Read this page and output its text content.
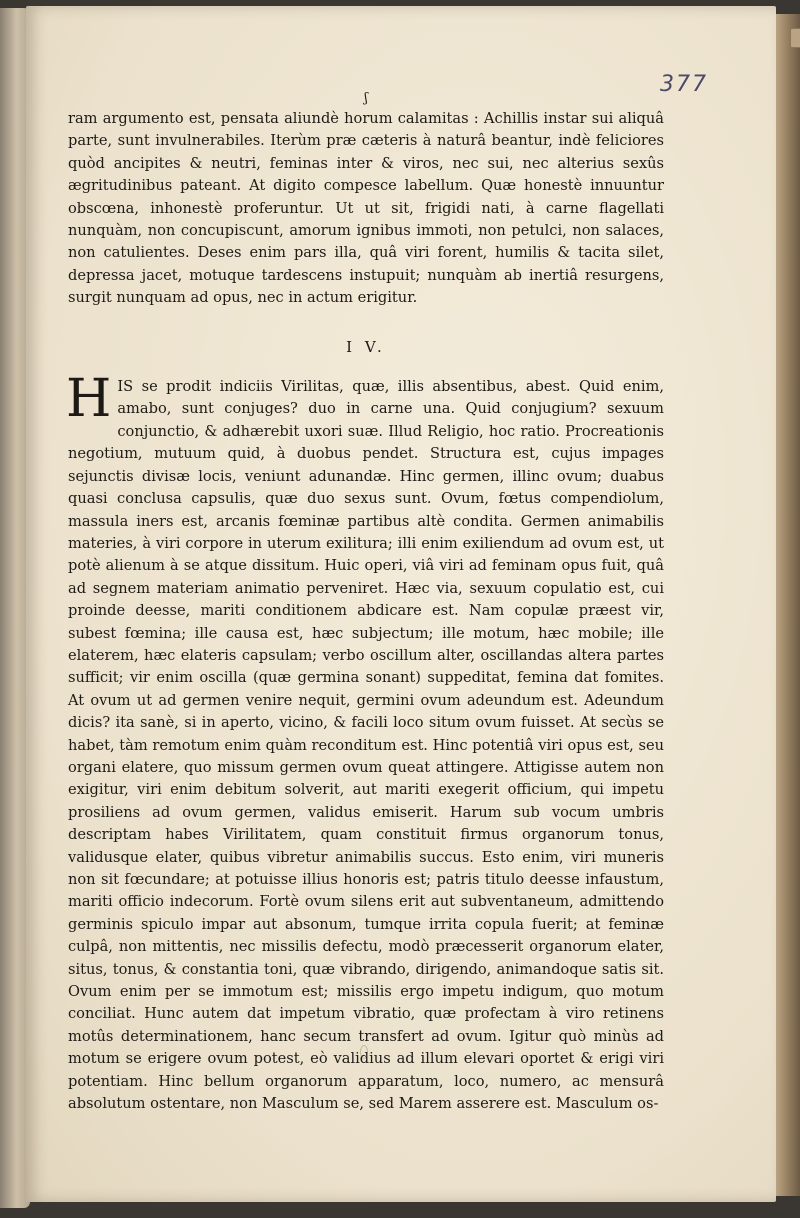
377

ʃ

ram argumento est, pensata aliundè horum calamitas : Achillis instar sui aliquâ parte, sunt invulnerabiles. Iterùm præ cæteris à naturâ beantur, indè feliciores quòd ancipites & neutri, feminas inter & viros, nec sui, nec alterius sexûs ægritudinibus pateant. At digito compesce labellum. Quæ honestè innuuntur obscœna, inhonestè proferuntur. Ut ut sit, frigidi nati, à carne flagellati nunquàm, non concupiscunt, amorum ignibus immoti, non petulci, non salaces, non catulientes. Deses enim pars illa, quâ viri forent, humilis & tacita silet, depressa jacet, motuque tardescens instupuit; nunquàm ab inertiâ resurgens, surgit nunquam ad opus, nec in actum erigitur.

I V.

HIS se prodit indiciis Virilitas, quæ, illis absentibus, abest. Quid enim, amabo, sunt conjuges? duo in carne una. Quid conjugium? sexuum conjunctio, & adhærebit uxori suæ. Illud Religio, hoc ratio. Procreationis negotium, mutuum quid, à duobus pendet. Structura est, cujus impages sejunctis divisæ locis, veniunt adunandæ. Hinc germen, illinc ovum; duabus quasi conclusa capsulis, quæ duo sexus sunt. Ovum, fœtus compendiolum, massula iners est, arcanis fœminæ partibus altè condita. Germen animabilis materies, à viri corpore in uterum exilitura; illi enim exiliendum ad ovum est, ut potè alienum à se atque dissitum. Huic operi, viâ viri ad feminam opus fuit, quâ ad segnem materiam animatio perveniret. Hæc via, sexuum copulatio est, cui proinde deesse, mariti conditionem abdicare est. Nam copulæ præest vir, subest fœmina; ille causa est, hæc subjectum; ille motum, hæc mobile; ille elaterem, hæc elateris capsulam; verbo oscillum alter, oscillandas altera partes sufficit; vir enim oscilla (quæ germina sonant) suppeditat, femina dat fomites. At ovum ut ad germen venire nequit, germini ovum adeundum est. Adeundum dicis? ita sanè, si in aperto, vicino, & facili loco situm ovum fuisset. At secùs se habet, tàm remotum enim quàm reconditum est. Hinc potentiâ viri opus est, seu organi elatere, quo missum germen ovum queat attingere. Attigisse autem non exigitur, viri enim debitum solverit, aut mariti exegerit officium, qui impetu prosiliens ad ovum germen, validus emiserit. Harum sub vocum umbris descriptam habes Virilitatem, quam constituit firmus organorum tonus, validusque elater, quibus vibretur animabilis succus. Esto enim, viri muneris non sit fœcundare; at potuisse illius honoris est; patris titulo deesse infaustum, mariti officio indecorum. Fortè ovum silens erit aut subventaneum, admittendo germinis spiculo impar aut absonum, tumque irrita copula fuerit; at feminæ culpâ, non mittentis, nec missilis defectu, modò præcesserit organorum elater, situs, tonus, & constantia toni, quæ vibrando, dirigendo, animandoque satis sit. Ovum enim per se immotum est; missilis ergo impetu indigum, quo motum conciliat. Hunc autem dat impetum vibratio, quæ profectam à viro retinens motûs determinationem, hanc secum transfert ad ovum. Igitur quò minùs ad motum se erigere ovum potest, eò validius ad illum elevari oportet & erigi viri potentiam. Hinc bellum organorum apparatum, loco, numero, ac mensurâ absolutum ostentare, non Masculum se, sed Marem asserere est. Masculum os-
